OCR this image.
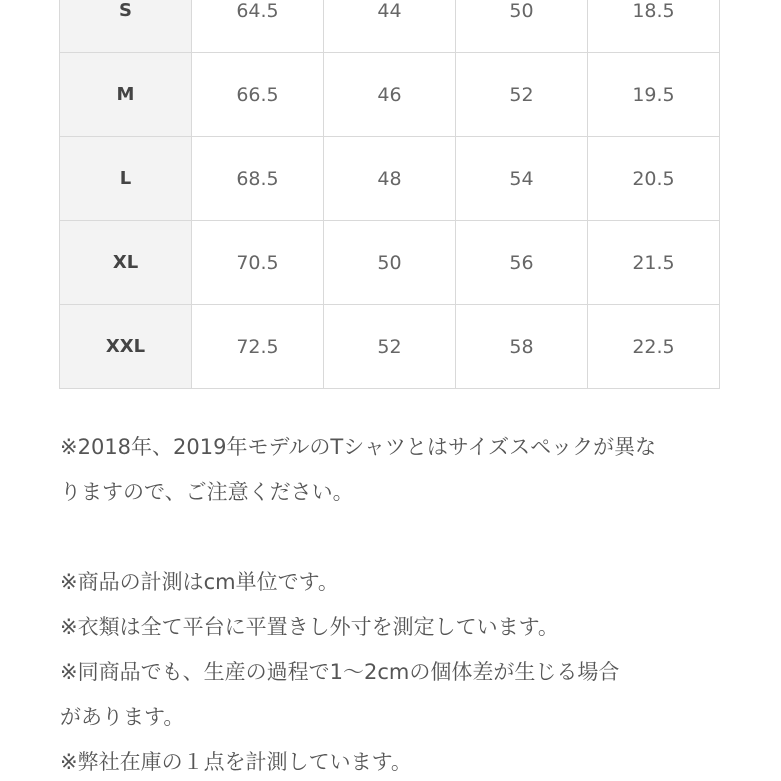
S	64.5	44	50	18.5
M	66.5	46	52	19.5
L	68.5	48	54	20.5
XL	70.5	50	56	21.5
XXL	72.5	52	58	22.5

※2018年、2019年モデルのTシャツとはサイズスペックが異な

りますので、ご注意ください。

※商品の計測はcm単位です。

※衣類は全て平台に平置きし外寸を測定しています。

※同商品でも、生産の過程で1～2cmの個体差が生じる場合

があります。

※弊社在庫の１点を計測しています。
